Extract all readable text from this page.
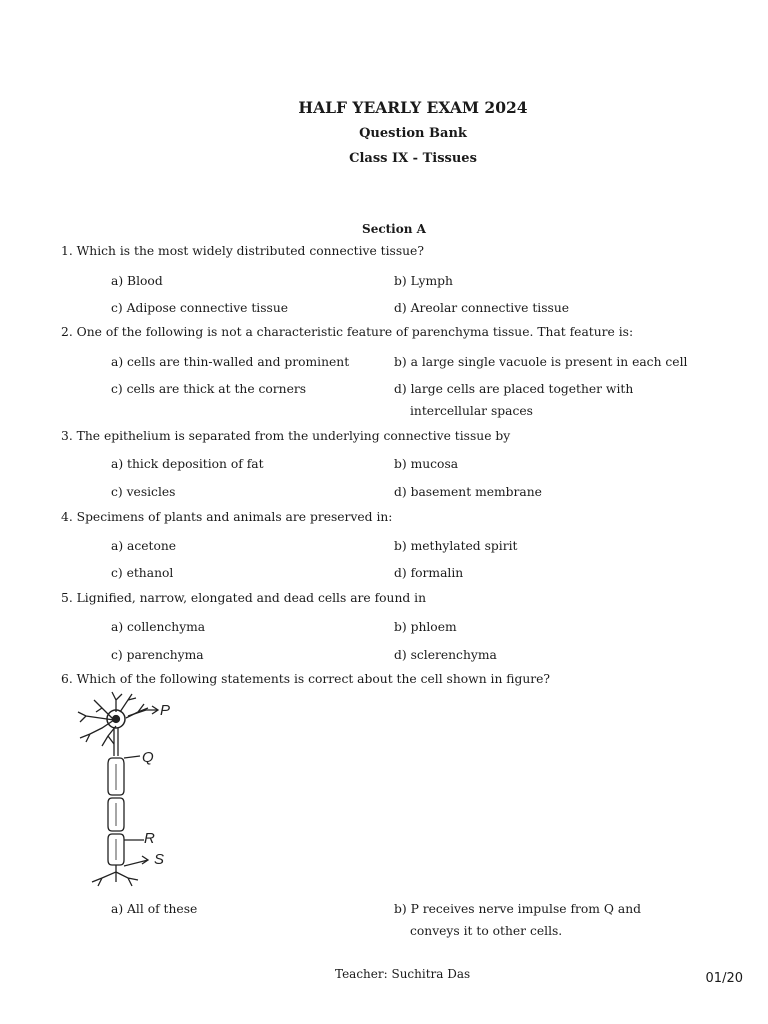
HALF YEARLY EXAM 2024
Question Bank
Class IX - Tissues
Section A
1. Which is the most widely distributed connective tissue?
a) Blood	b) Lymph
c) Adipose connective tissue	d) Areolar connective tissue
2. One of the following is not a characteristic feature of parenchyma tissue. That feature is:
a) cells are thin-walled and prominent	b) a large single vacuole is present in each cell
c) cells are thick at the corners	d) large cells are placed together with
intercellular spaces
3. The epithelium is separated from the underlying connective tissue by
a) thick deposition of fat	b) mucosa
c) vesicles	d) basement membrane
4. Specimens of plants and animals are preserved in:
a) acetone	b) methylated spirit
c) ethanol	d) formalin
5. Lignified, narrow, elongated and dead cells are found in
a) collenchyma	b) phloem
c) parenchyma	d) sclerenchyma
6. Which of the following statements is correct about the cell shown in figure?
P
Q
R
S
a) All of these	b) P receives nerve impulse from Q and
conveys it to other cells.
Teacher: Suchitra Das	01/20
